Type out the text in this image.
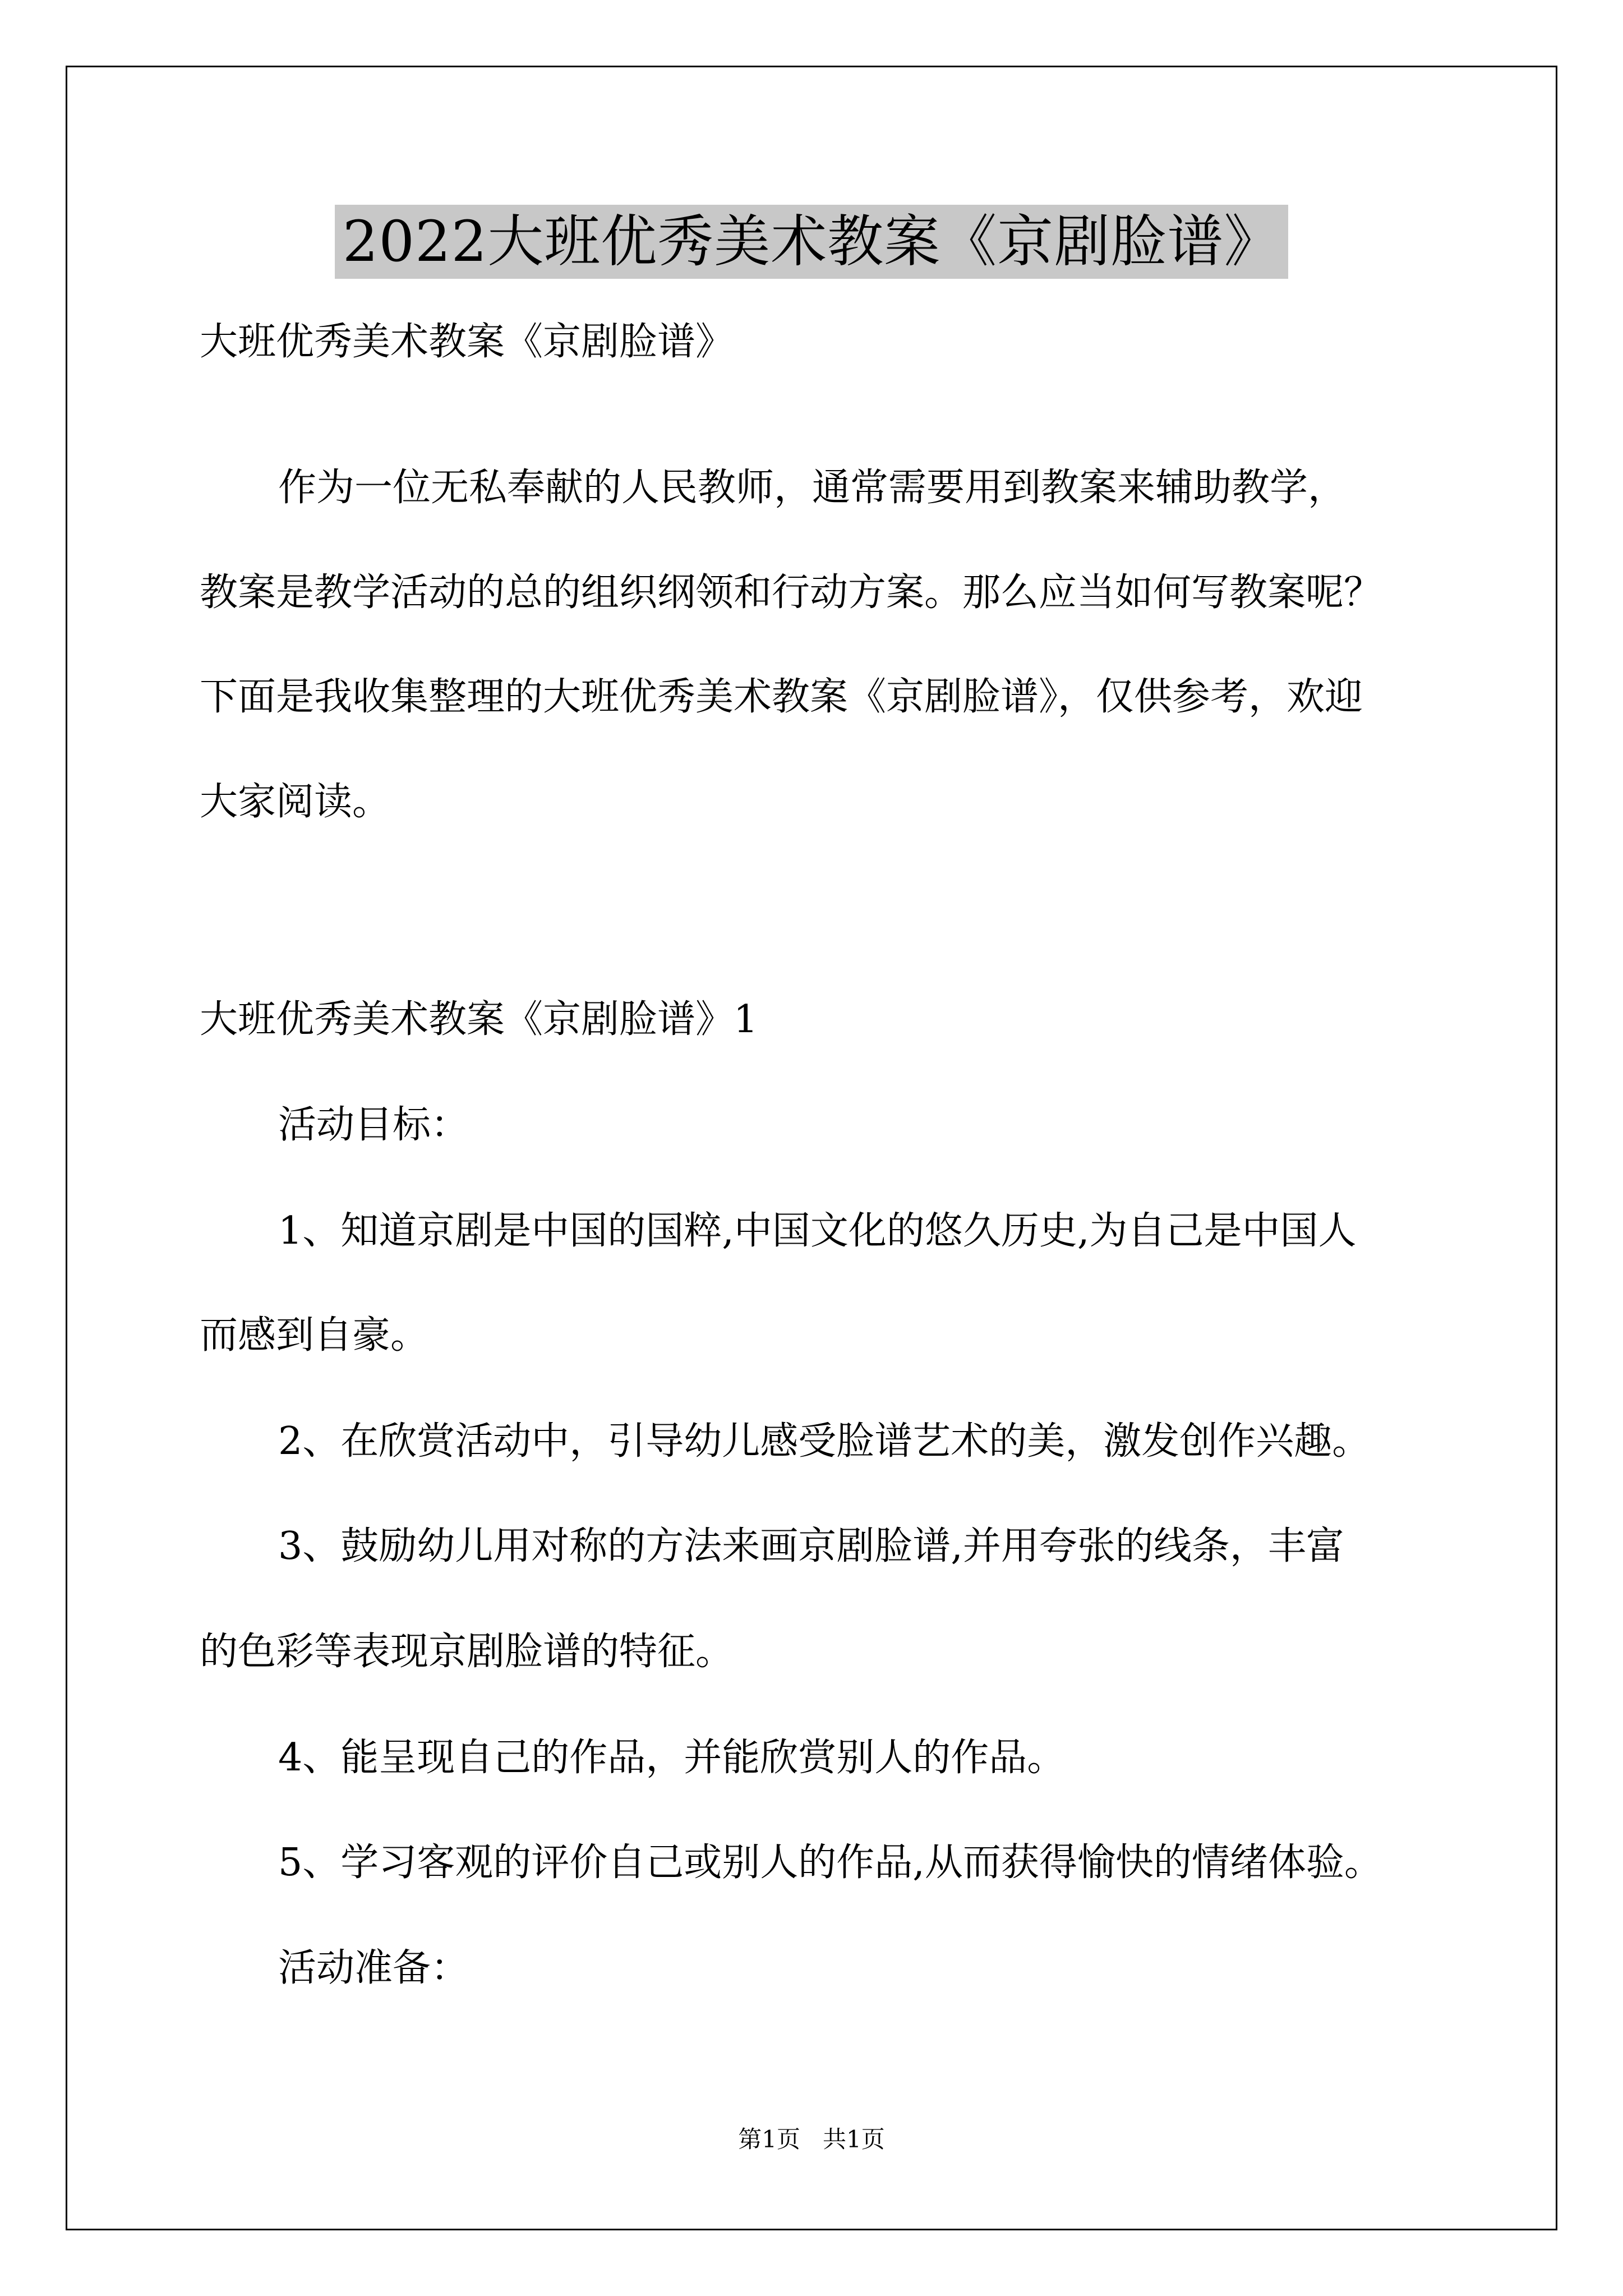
2022大班优秀美术教案《京剧脸谱》
大班优秀美术教案《京剧脸谱》
作为一位无私奉献的人民教师，通常需要用到教案来辅助教学，
教案是教学活动的总的组织纲领和行动方案。那么应当如何写教案呢？
下面是我收集整理的大班优秀美术教案《京剧脸谱》，仅供参考，欢迎
大家阅读。
大班优秀美术教案《京剧脸谱》1
活动目标：
1、知道京剧是中国的国粹,中国文化的悠久历史,为自己是中国人
而感到自豪。
2、在欣赏活动中，引导幼儿感受脸谱艺术的美，激发创作兴趣。
3、鼓励幼儿用对称的方法来画京剧脸谱,并用夸张的线条，丰富
的色彩等表现京剧脸谱的特征。
4、能呈现自己的作品，并能欣赏别人的作品。
5、学习客观的评价自己或别人的作品,从而获得愉快的情绪体验。
活动准备：
第1页   共1页
